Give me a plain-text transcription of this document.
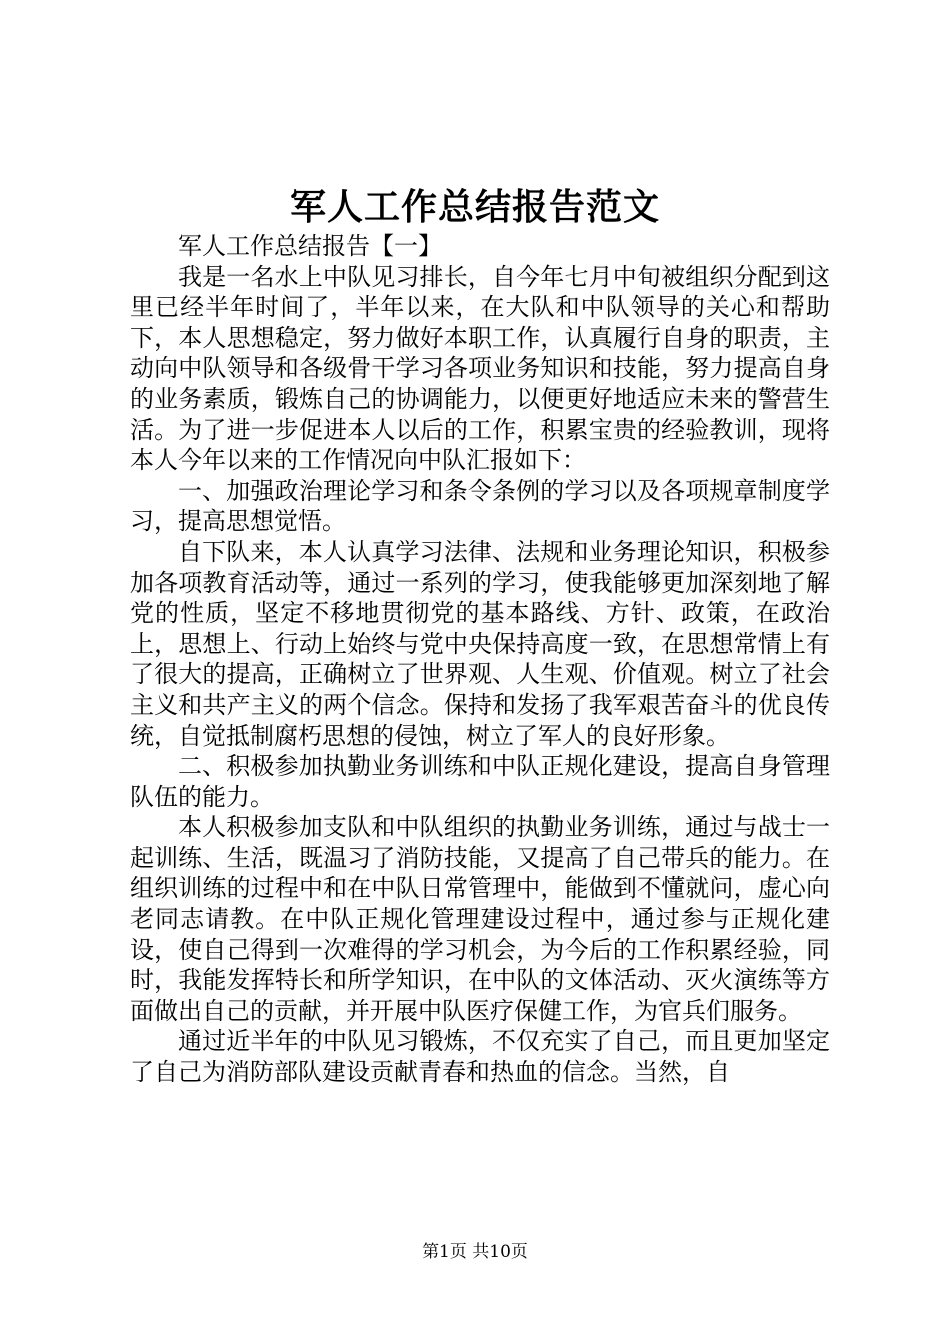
军人工作总结报告范文

军人工作总结报告【一】

我是一名水上中队见习排长，自今年七月中旬被组织分配到这里已经半年时间了，半年以来，在大队和中队领导的关心和帮助下，本人思想稳定，努力做好本职工作，认真履行自身的职责，主动向中队领导和各级骨干学习各项业务知识和技能，努力提高自身的业务素质，锻炼自己的协调能力，以便更好地适应未来的警营生活。为了进一步促进本人以后的工作，积累宝贵的经验教训，现将本人今年以来的工作情况向中队汇报如下：

一、加强政治理论学习和条令条例的学习以及各项规章制度学习，提高思想觉悟。

自下队来，本人认真学习法律、法规和业务理论知识，积极参加各项教育活动等，通过一系列的学习，使我能够更加深刻地了解党的性质，坚定不移地贯彻党的基本路线、方针、政策，在政治上，思想上、行动上始终与党中央保持高度一致，在思想常情上有了很大的提高，正确树立了世界观、人生观、价值观。树立了社会主义和共产主义的两个信念。保持和发扬了我军艰苦奋斗的优良传统，自觉抵制腐朽思想的侵蚀，树立了军人的良好形象。

二、积极参加执勤业务训练和中队正规化建设，提高自身管理队伍的能力。

本人积极参加支队和中队组织的执勤业务训练，通过与战士一起训练、生活，既温习了消防技能，又提高了自己带兵的能力。在组织训练的过程中和在中队日常管理中，能做到不懂就问，虚心向老同志请教。在中队正规化管理建设过程中，通过参与正规化建设，使自己得到一次难得的学习机会，为今后的工作积累经验，同时，我能发挥特长和所学知识，在中队的文体活动、灭火演练等方面做出自己的贡献，并开展中队医疗保健工作，为官兵们服务。

通过近半年的中队见习锻炼，不仅充实了自己，而且更加坚定了自己为消防部队建设贡献青春和热血的信念。当然，自

第1页 共10页
